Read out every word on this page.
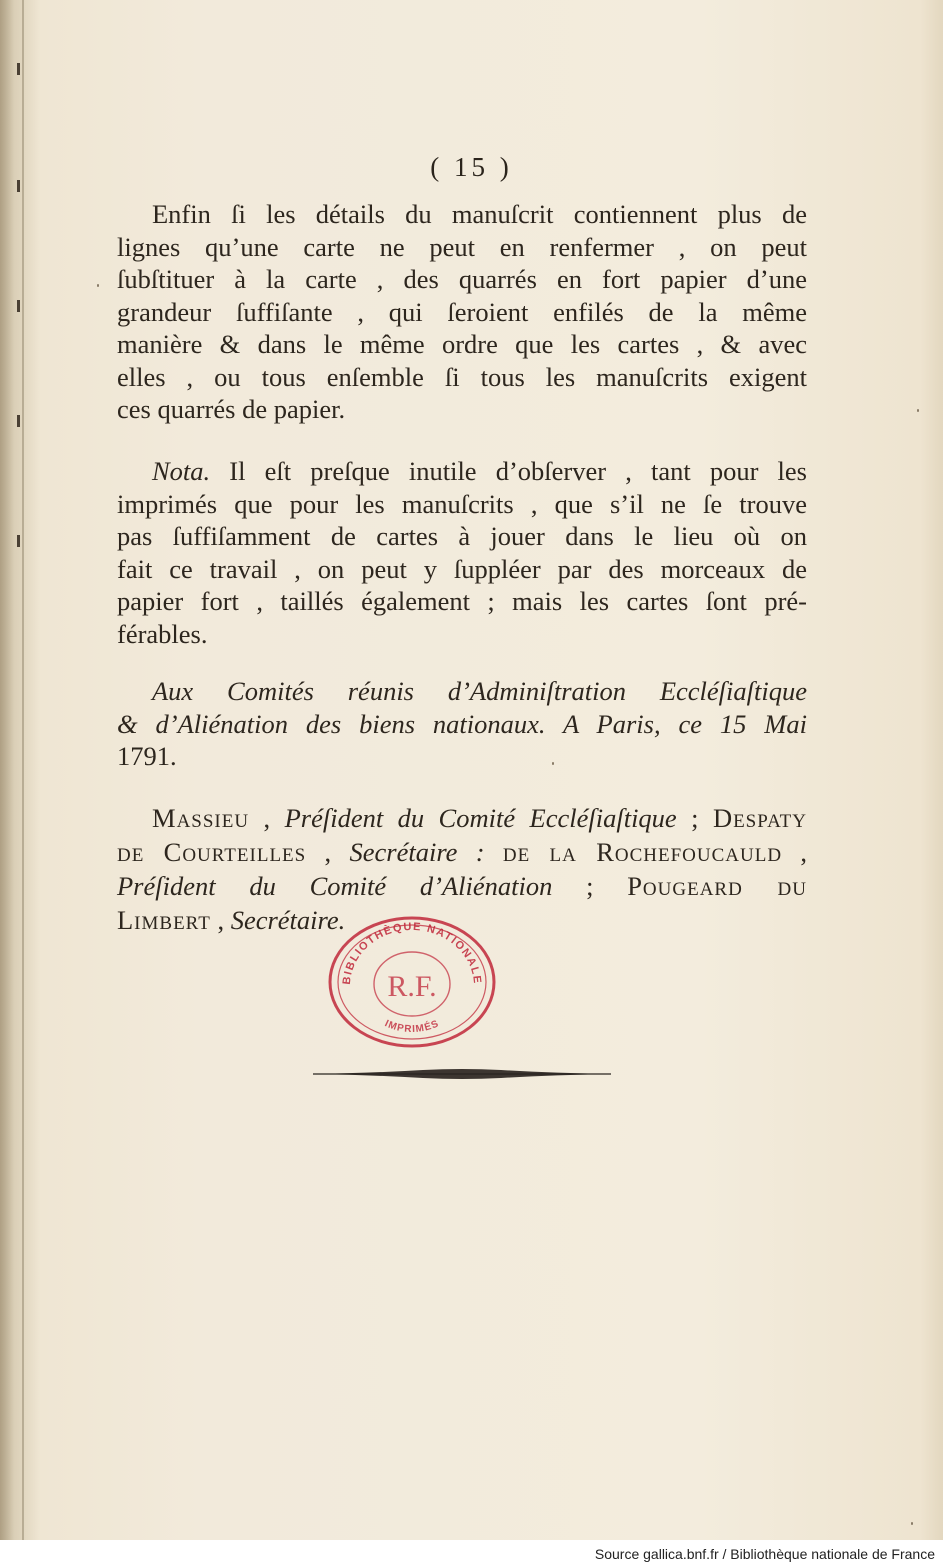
( 15 )
Enfin ſi les détails du manuſcrit contiennent plus de
lignes qu’une carte ne peut en renfermer , on peut
ſubſtituer à la carte , des quarrés en fort papier d’une
grandeur ſuffiſante , qui ſeroient enfilés de la même
manière & dans le même ordre que les cartes , & avec
elles , ou tous enſemble ſi tous les manuſcrits exigent
ces quarrés de papier.
Nota. Il eſt preſque inutile d’obſerver , tant pour les
imprimés que pour les manuſcrits , que s’il ne ſe trouve
pas ſuffiſamment de cartes à jouer dans le lieu où on
fait ce travail , on peut y ſuppléer par des morceaux de
papier fort , taillés également ; mais les cartes ſont pré-
férables.
Aux Comités réunis d’Adminiſtration Eccléſiaſtique
& d’Aliénation des biens nationaux. A Paris, ce 15 Mai
1791.
Massieu , Préſident du Comité Eccléſiaſtique ; Despaty
de Courteilles , Secrétaire : de la Rochefoucauld ,
Préſident du Comité d’Aliénation ; Pougeard du
Limbert , Secrétaire.
BIBLIOTHÈQUE NATIONALE
R.F.
IMPRIMÉS
Source gallica.bnf.fr / Bibliothèque nationale de France
